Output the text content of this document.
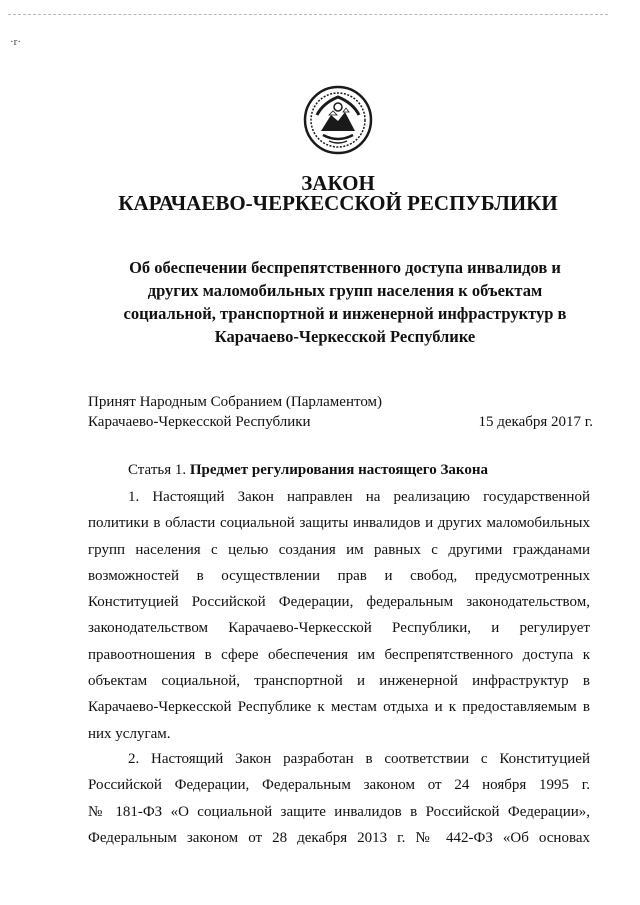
·r·
ЗАКОН
КАРАЧАЕВО-ЧЕРКЕССКОЙ РЕСПУБЛИКИ
Об обеспечении беспрепятственного доступа инвалидов и
других маломобильных групп населения к объектам
социальной, транспортной и инженерной инфраструктур в
Карачаево-Черкесской Республике
Принят Народным Собранием (Парламентом)
Карачаево-Черкесской Республики	15 декабря 2017 г.
Статья 1. Предмет регулирования настоящего Закона
1. Настоящий Закон направлен на реализацию государственной
политики в области социальной защиты инвалидов и других маломобильных
групп населения с целью создания им равных с другими гражданами
возможностей в осуществлении прав и свобод, предусмотренных
Конституцией Российской Федерации, федеральным законодательством,
законодательством Карачаево-Черкесской Республики, и регулирует
правоотношения в сфере обеспечения им беспрепятственного доступа к
объектам социальной, транспортной и инженерной инфраструктур в
Карачаево-Черкесской Республике к местам отдыха и к предоставляемым в
них услугам.
2. Настоящий Закон разработан в соответствии с Конституцией
Российской Федерации, Федеральным законом от 24 ноября 1995 г.
№ 181-ФЗ «О социальной защите инвалидов в Российской Федерации»,
Федеральным законом от 28 декабря 2013 г. № 442-ФЗ «Об основах
